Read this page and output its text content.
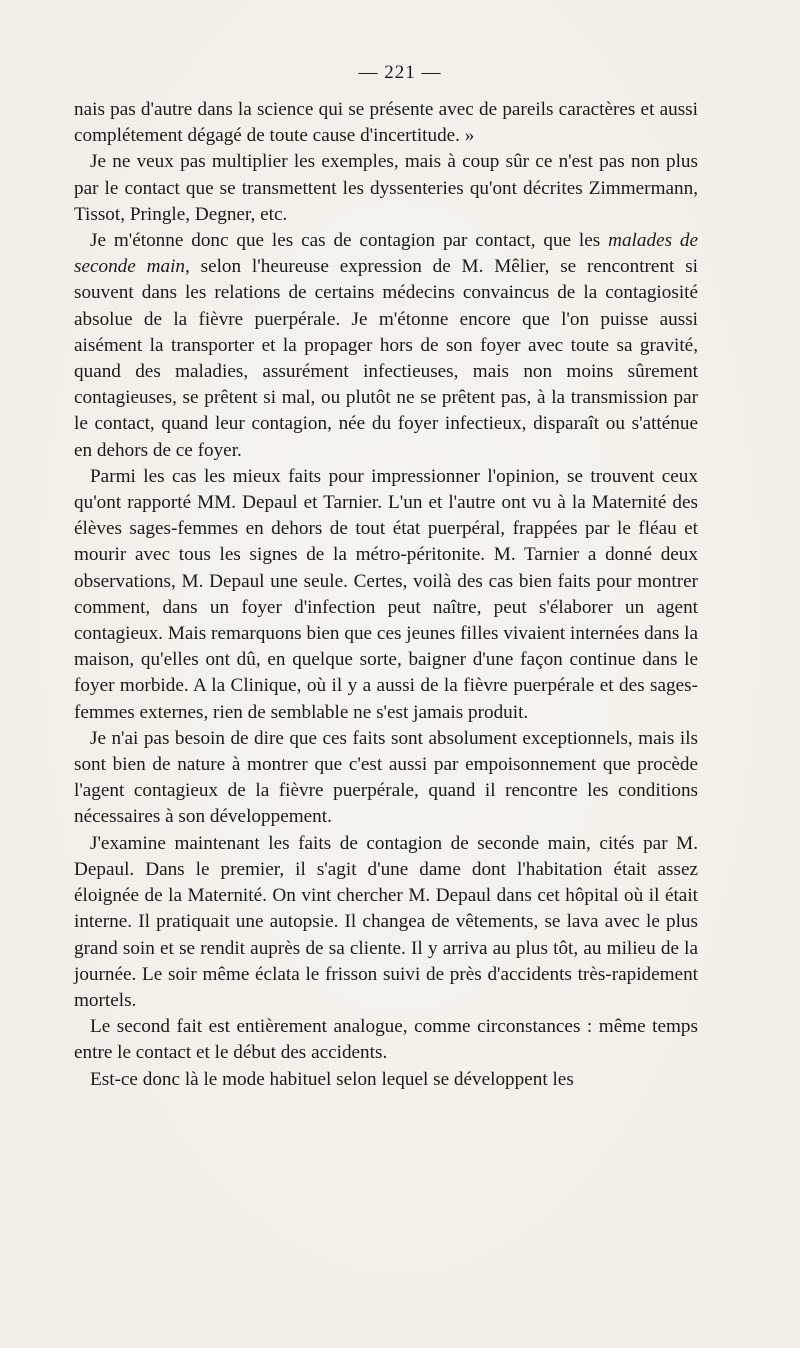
— 221 —

nais pas d'autre dans la science qui se présente avec de pareils caractères et aussi complétement dégagé de toute cause d'incertitude. »

Je ne veux pas multiplier les exemples, mais à coup sûr ce n'est pas non plus par le contact que se transmettent les dyssenteries qu'ont décrites Zimmermann, Tissot, Pringle, Degner, etc.

Je m'étonne donc que les cas de contagion par contact, que les malades de seconde main, selon l'heureuse expression de M. Mêlier, se rencontrent si souvent dans les relations de certains médecins convaincus de la contagiosité absolue de la fièvre puerpérale. Je m'étonne encore que l'on puisse aussi aisément la transporter et la propager hors de son foyer avec toute sa gravité, quand des maladies, assurément infectieuses, mais non moins sûrement contagieuses, se prêtent si mal, ou plutôt ne se prêtent pas, à la transmission par le contact, quand leur contagion, née du foyer infectieux, disparaît ou s'atténue en dehors de ce foyer.

Parmi les cas les mieux faits pour impressionner l'opinion, se trouvent ceux qu'ont rapporté MM. Depaul et Tarnier. L'un et l'autre ont vu à la Maternité des élèves sages-femmes en dehors de tout état puerpéral, frappées par le fléau et mourir avec tous les signes de la métro-péritonite. M. Tarnier a donné deux observations, M. Depaul une seule. Certes, voilà des cas bien faits pour montrer comment, dans un foyer d'infection peut naître, peut s'élaborer un agent contagieux. Mais remarquons bien que ces jeunes filles vivaient internées dans la maison, qu'elles ont dû, en quelque sorte, baigner d'une façon continue dans le foyer morbide. A la Clinique, où il y a aussi de la fièvre puerpérale et des sages-femmes externes, rien de semblable ne s'est jamais produit.

Je n'ai pas besoin de dire que ces faits sont absolument exceptionnels, mais ils sont bien de nature à montrer que c'est aussi par empoisonnement que procède l'agent contagieux de la fièvre puerpérale, quand il rencontre les conditions nécessaires à son développement.

J'examine maintenant les faits de contagion de seconde main, cités par M. Depaul. Dans le premier, il s'agit d'une dame dont l'habitation était assez éloignée de la Maternité. On vint chercher M. Depaul dans cet hôpital où il était interne. Il pratiquait une autopsie. Il changea de vêtements, se lava avec le plus grand soin et se rendit auprès de sa cliente. Il y arriva au plus tôt, au milieu de la journée. Le soir même éclata le frisson suivi de près d'accidents très-rapidement mortels.

Le second fait est entièrement analogue, comme circonstances : même temps entre le contact et le début des accidents.

Est-ce donc là le mode habituel selon lequel se développent les
